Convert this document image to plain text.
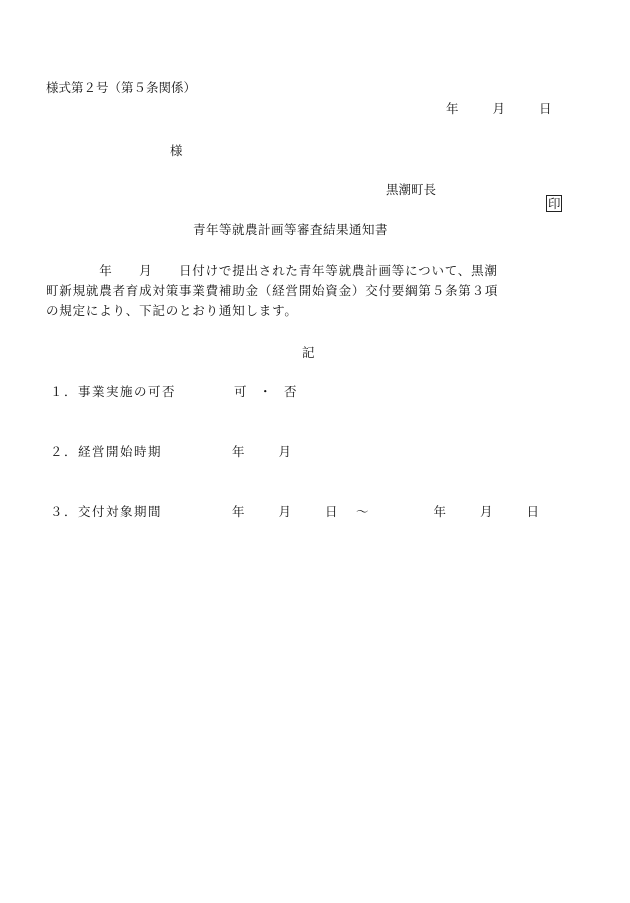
様式第２号（第５条関係）
年　　月　　日
様
黒潮町長

印

青年等就農計画等審査結果通知書
　　　　年　　月　　日付けで提出された青年等就農計画等について、黒潮
町新規就農者育成対策事業費補助金（経営開始資金）交付要綱第５条第３項
の規定により、下記のとおり通知します。
記
１．事業実施の可否	可　・　否
２．経営開始時期	年　　月
３．交付対象期間	年　　月　　日　～　　　　年　　月　　日
